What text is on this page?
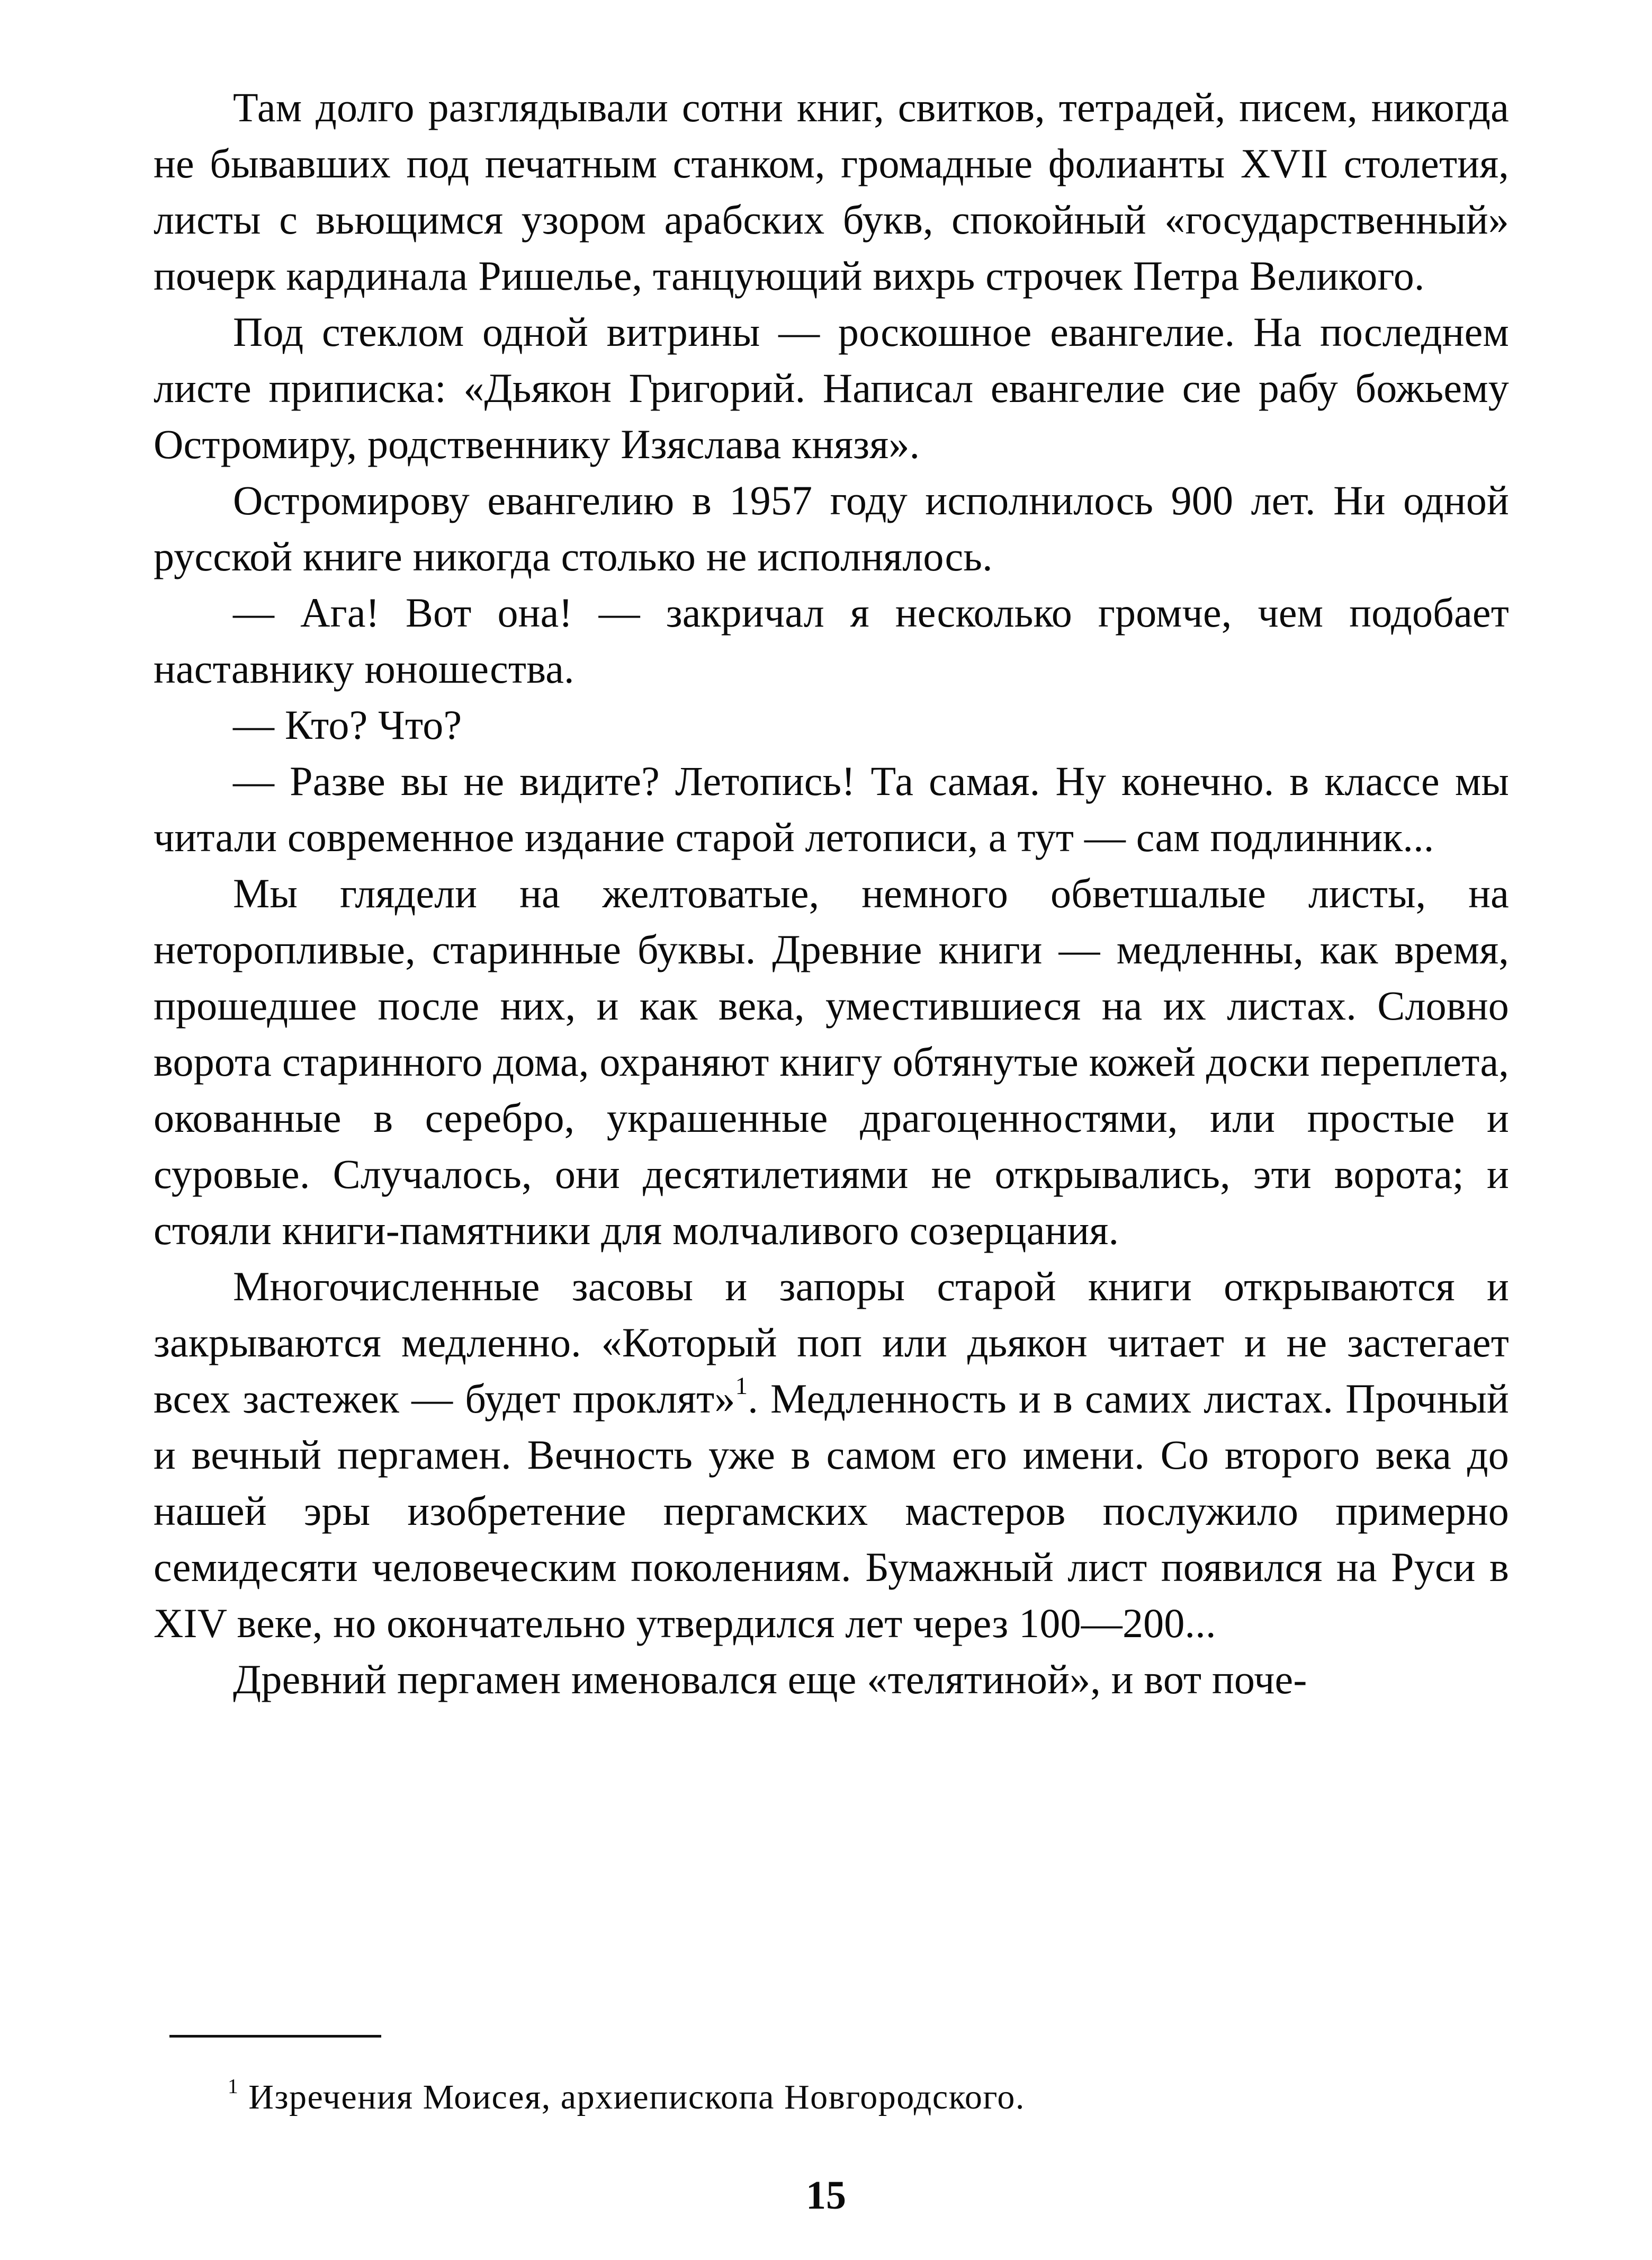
Там долго разглядывали сотни книг, свитков, тетрадей, писем, никогда не бывавших под печатным станком, громадные фолианты XVII столетия, листы с вьющимся узором арабских букв, спокойный «государственный» почерк кардинала Ришелье, танцующий вихрь строчек Петра Великого.

Под стеклом одной витрины — роскошное евангелие. На последнем листе приписка: «Дьякон Григорий. Написал евангелие сие рабу божьему Остромиру, родственнику Изяслава князя».

Остромирову евангелию в 1957 году исполнилось 900 лет. Ни одной русской книге никогда столько не исполнялось.

— Ага! Вот она! — закричал я несколько громче, чем подобает наставнику юношества.

— Кто? Что?

— Разве вы не видите? Летопись! Та самая. Ну конечно. в классе мы читали современное издание старой летописи, а тут — сам подлинник...

Мы глядели на желтоватые, немного обветшалые листы, на неторопливые, старинные буквы. Древние книги — медленны, как время, прошедшее после них, и как века, уместившиеся на их листах. Словно ворота старинного дома, охраняют книгу обтянутые кожей доски переплета, окованные в серебро, украшенные драгоценностями, или простые и суровые. Случалось, они десятилетиями не открывались, эти ворота; и стояли книги-памятники для молчаливого созерцания.

Многочисленные засовы и запоры старой книги открываются и закрываются медленно. «Который поп или дьякон читает и не застегает всех застежек — будет проклят»$^1$. Медленность и в самих листах. Прочный и вечный пергамен. Вечность уже в самом его имени. Со второго века до нашей эры изобретение пергамских мастеров послужило примерно семидесяти человеческим поколениям. Бумажный лист появился на Руси в XIV веке, но окончательно утвердился лет через 100—200...

Древний пергамен именовался еще «телятиной», и вот поче-

$^1$ Изречения Моисея, архиепископа Новгородского.
15
